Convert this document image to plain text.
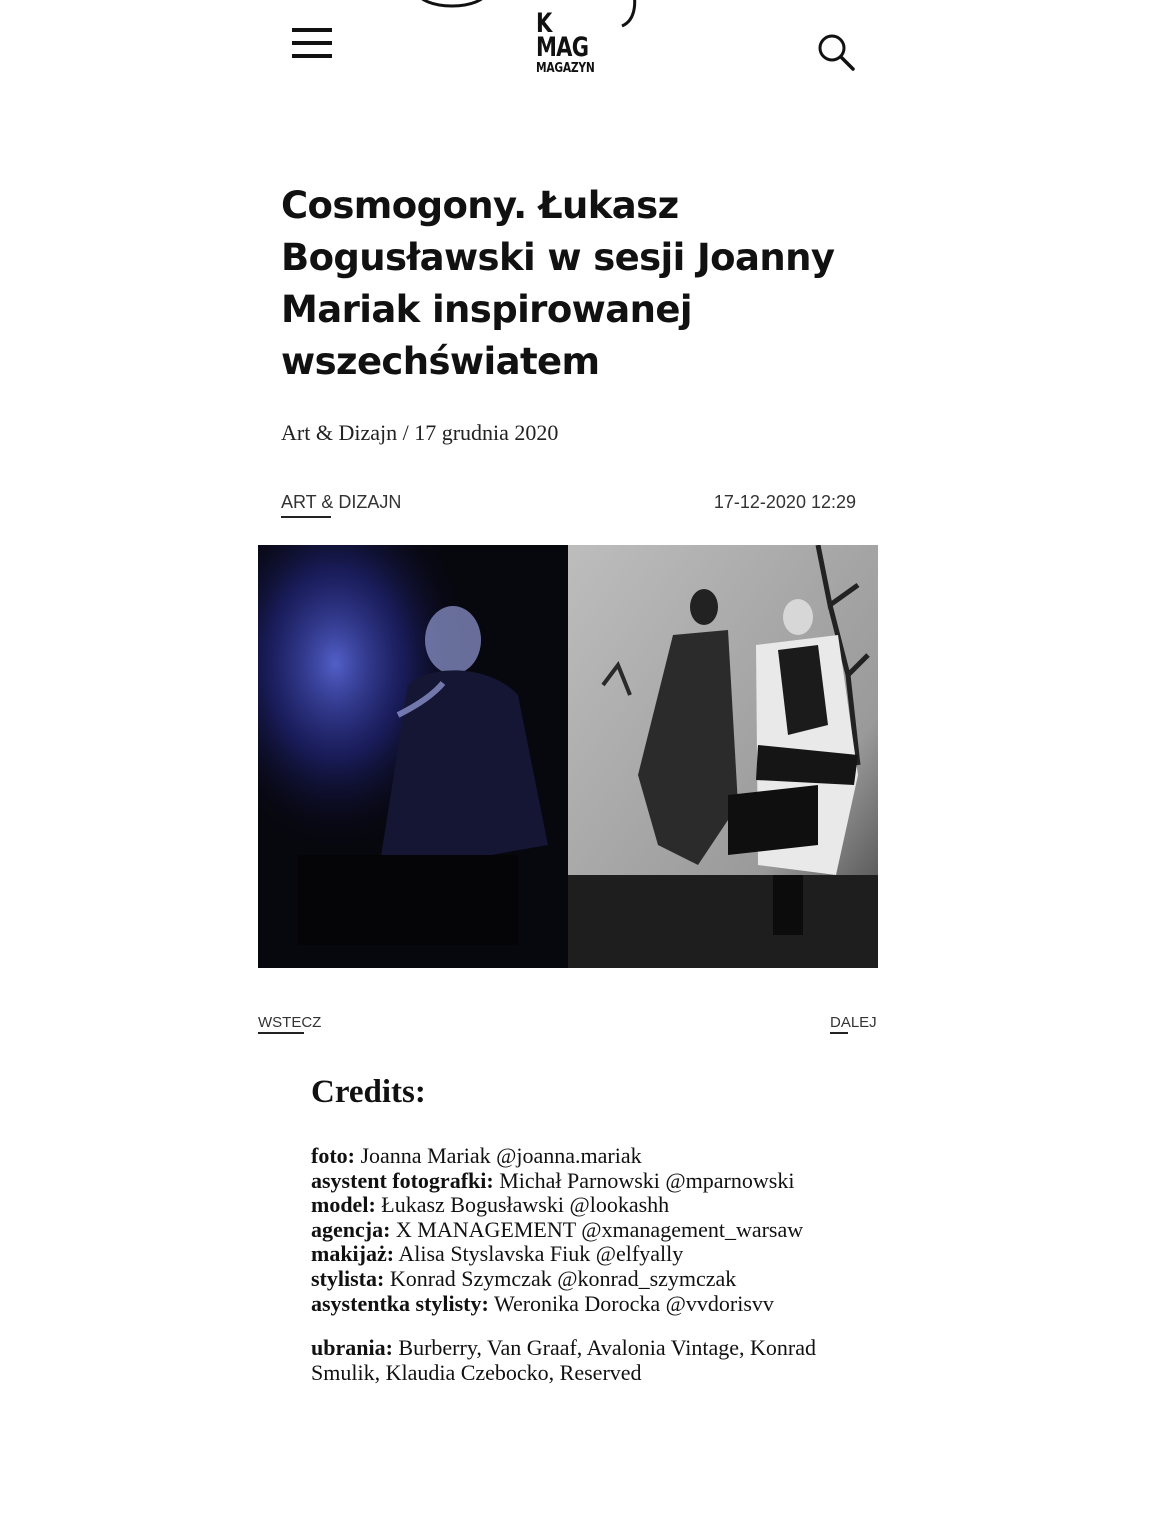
K
MAG
MAGAZYN
Cosmogony. Łukasz Bogusławski w sesji Joanny Mariak inspirowanej wszechświatem
Art & Dizajn / 17 grudnia 2020
ART & DIZAJN	17-12-2020 12:29
WSTECZ	DALEJ
Credits:
foto: Joanna Mariak @joanna.mariak
asystent fotografki: Michał Parnowski @mparnowski
model: Łukasz Bogusławski @lookashh
agencja: X MANAGEMENT @xmanagement_warsaw
makijaż: Alisa Styslavska Fiuk @elfyally
stylista: Konrad Szymczak @konrad_szymczak
asystentka stylisty: Weronika Dorocka @vvdorisvv
ubrania: Burberry, Van Graaf, Avalonia Vintage, Konrad Smulik, Klaudia Czebocko, Reserved
